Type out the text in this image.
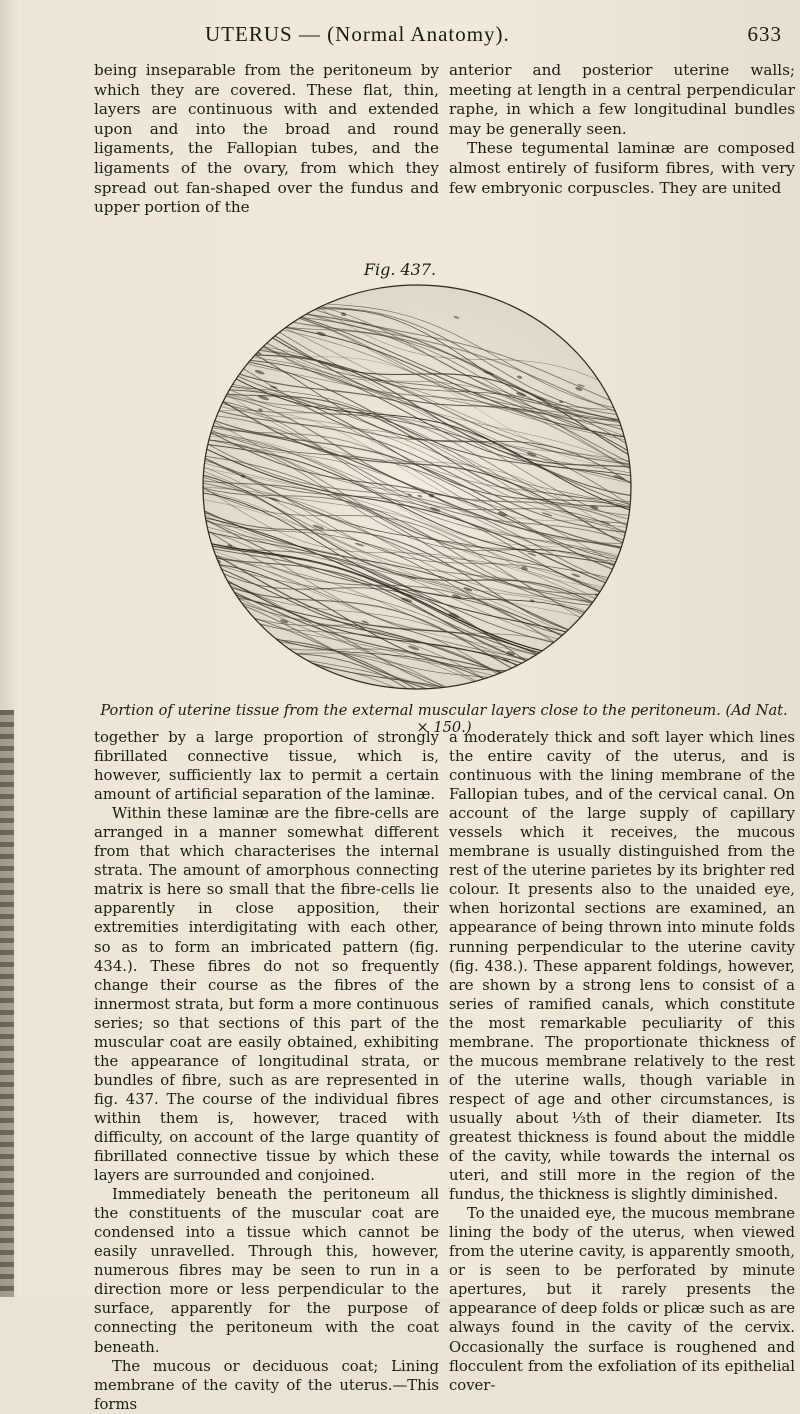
UTERUS — (Normal Anatomy).	633

being inseparable from the peritoneum by which they are covered. These flat, thin, layers are continuous with and extended upon and into the broad and round ligaments, the Fallopian tubes, and the ligaments of the ovary, from which they spread out fan-shaped over the fundus and upper portion of the

anterior and posterior uterine walls; meeting at length in a central perpendicular raphe, in which a few longitudinal bundles may be generally seen.

These tegumental laminæ are composed almost entirely of fusiform fibres, with very few embryonic corpuscles. They are united

Fig. 437.
Portion of uterine tissue from the external muscular layers close to the peritoneum. (Ad Nat. × 150.)

together by a large proportion of strongly fibrillated connective tissue, which is, however, sufficiently lax to permit a certain amount of artificial separation of the laminæ.

Within these laminæ are the fibre-cells are arranged in a manner somewhat different from that which characterises the internal strata. The amount of amorphous connecting matrix is here so small that the fibre-cells lie apparently in close apposition, their extremities interdigitating with each other, so as to form an imbricated pattern (fig. 434.). These fibres do not so frequently change their course as the fibres of the innermost strata, but form a more continuous series; so that sections of this part of the muscular coat are easily obtained, exhibiting the appearance of longitudinal strata, or bundles of fibre, such as are represented in fig. 437. The course of the individual fibres within them is, however, traced with difficulty, on account of the large quantity of fibrillated connective tissue by which these layers are surrounded and conjoined.

Immediately beneath the peritoneum all the constituents of the muscular coat are condensed into a tissue which cannot be easily unravelled. Through this, however, numerous fibres may be seen to run in a direction more or less perpendicular to the surface, apparently for the purpose of connecting the peritoneum with the coat beneath.

The mucous or deciduous coat; Lining membrane of the cavity of the uterus.—This forms

a moderately thick and soft layer which lines the entire cavity of the uterus, and is continuous with the lining membrane of the Fallopian tubes, and of the cervical canal. On account of the large supply of capillary vessels which it receives, the mucous membrane is usually distinguished from the rest of the uterine parietes by its brighter red colour. It presents also to the unaided eye, when horizontal sections are examined, an appearance of being thrown into minute folds running perpendicular to the uterine cavity (fig. 438.). These apparent foldings, however, are shown by a strong lens to consist of a series of ramified canals, which constitute the most remarkable peculiarity of this membrane. The proportionate thickness of the mucous membrane relatively to the rest of the uterine walls, though variable in respect of age and other circumstances, is usually about ⅓th of their diameter. Its greatest thickness is found about the middle of the cavity, while towards the internal os uteri, and still more in the region of the fundus, the thickness is slightly diminished.

To the unaided eye, the mucous membrane lining the body of the uterus, when viewed from the uterine cavity, is apparently smooth, or is seen to be perforated by minute apertures, but it rarely presents the appearance of deep folds or plicæ such as are always found in the cavity of the cervix. Occasionally the surface is roughened and flocculent from the exfoliation of its epithelial cover-
